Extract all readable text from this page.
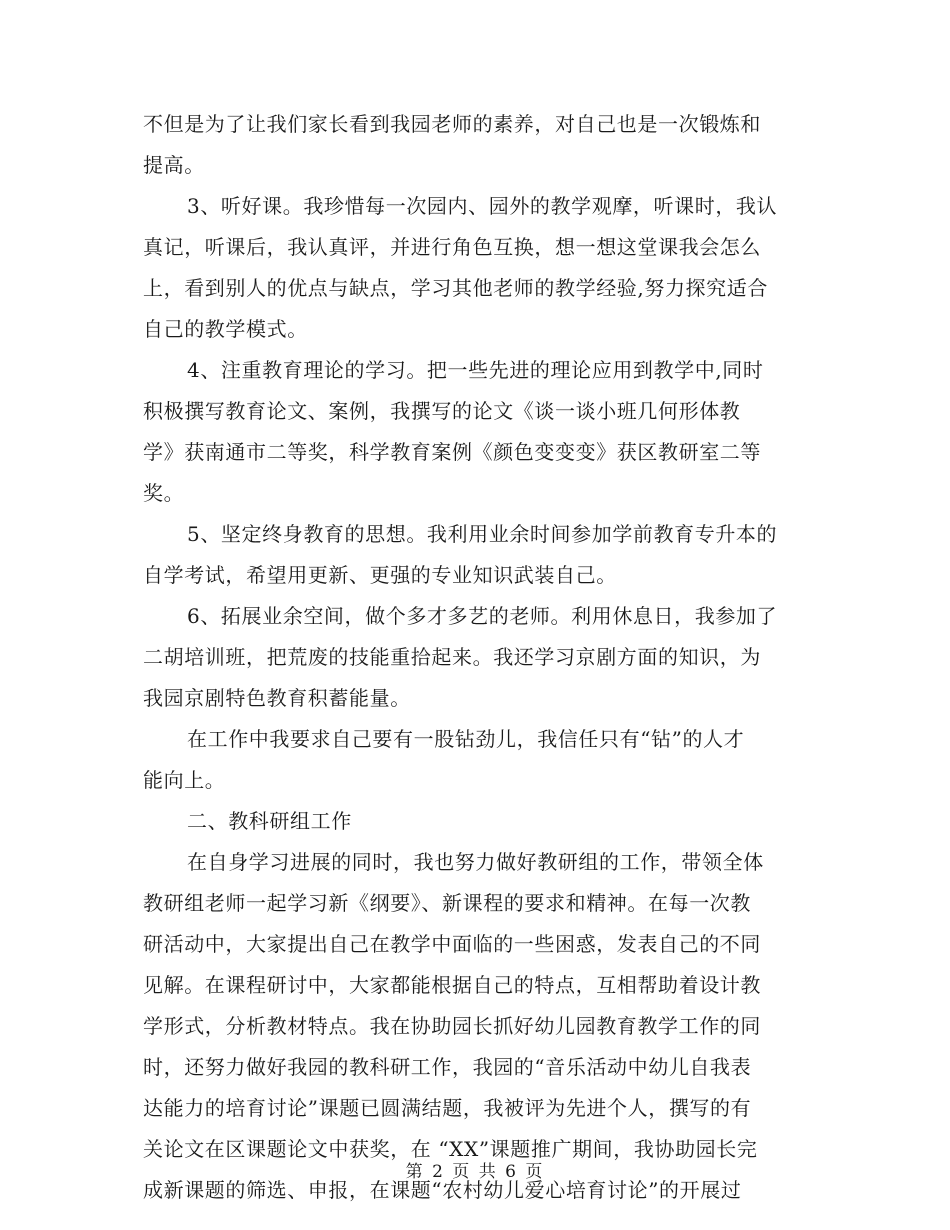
不但是为了让我们家长看到我园老师的素养，对自己也是一次锻炼和
提高。
3、听好课。我珍惜每一次园内、园外的教学观摩，听课时，我认
真记，听课后，我认真评，并进行角色互换，想一想这堂课我会怎么
上，看到别人的优点与缺点，学习其他老师的教学经验,努力探究适合
自己的教学模式。
4、注重教育理论的学习。把一些先进的理论应用到教学中,同时
积极撰写教育论文、案例，我撰写的论文《谈一谈小班几何形体教
学》获南通市二等奖，科学教育案例《颜色变变变》获区教研室二等
奖。
5、坚定终身教育的思想。我利用业余时间参加学前教育专升本的
自学考试，希望用更新、更强的专业知识武装自己。
6、拓展业余空间，做个多才多艺的老师。利用休息日，我参加了
二胡培训班，把荒废的技能重拾起来。我还学习京剧方面的知识，为
我园京剧特色教育积蓄能量。
在工作中我要求自己要有一股钻劲儿，我信任只有“钻”的人才
能向上。
二、教科研组工作
在自身学习进展的同时，我也努力做好教研组的工作，带领全体
教研组老师一起学习新《纲要》、新课程的要求和精神。在每一次教
研活动中，大家提出自己在教学中面临的一些困惑，发表自己的不同
见解。在课程研讨中，大家都能根据自己的特点，互相帮助着设计教
学形式，分析教材特点。我在协助园长抓好幼儿园教育教学工作的同
时，还努力做好我园的教科研工作，我园的“音乐活动中幼儿自我表
达能力的培育讨论”课题已圆满结题，我被评为先进个人，撰写的有
关论文在区课题论文中获奖，在 “XX”课题推广期间，我协助园长完
成新课题的筛选、申报，在课题“农村幼儿爱心培育讨论”的开展过
第 2 页 共 6 页
